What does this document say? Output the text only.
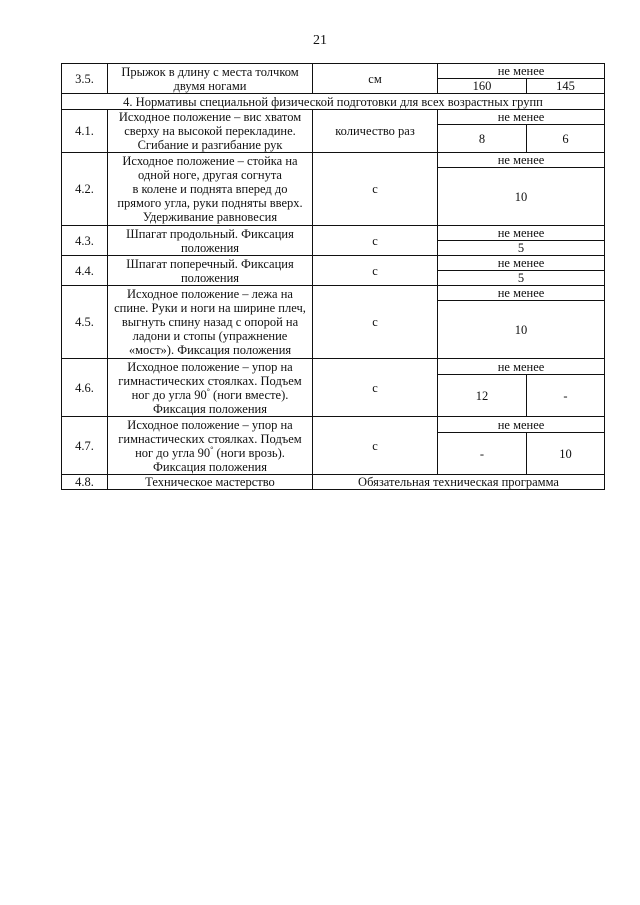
21
3.5.	Прыжок в длину с места толчком двумя ногами	см	не менее	
			160	145
4. Нормативы специальной физической подготовки для всех возрастных групп				
4.1.	Исходное положение – вис хватом сверху на высокой перекладине. Сгибание и разгибание рук	количество раз	не менее	
			8	6
4.2.	Исходное положение – стойка на
одной ноге, другая согнута
в колене и поднята вперед до
прямого угла, руки подняты вверх.
Удерживание равновесия	с	не менее	
			10	
4.3.	Шпагат продольный. Фиксация положения	с	не менее	
			5	
4.4.	Шпагат поперечный. Фиксация положения	с	не менее	
			5	
4.5.	Исходное положение – лежа на
спине. Руки и ноги на ширине плеч,
выгнуть спину назад с опорой на
ладони и стопы (упражнение
«мост»). Фиксация положения	с	не менее	
			10	
4.6.	Исходное положение – упор на
гимнастических стоялках. Подъем
ног до угла 90° (ноги вместе).
Фиксация положения	с	не менее	
			12	-
4.7.	Исходное положение – упор на
гимнастических стоялках. Подъем
ног до угла 90° (ноги врозь).
Фиксация положения	с	не менее	
			-	10
4.8.	Техническое мастерство	Обязательная техническая программа		
